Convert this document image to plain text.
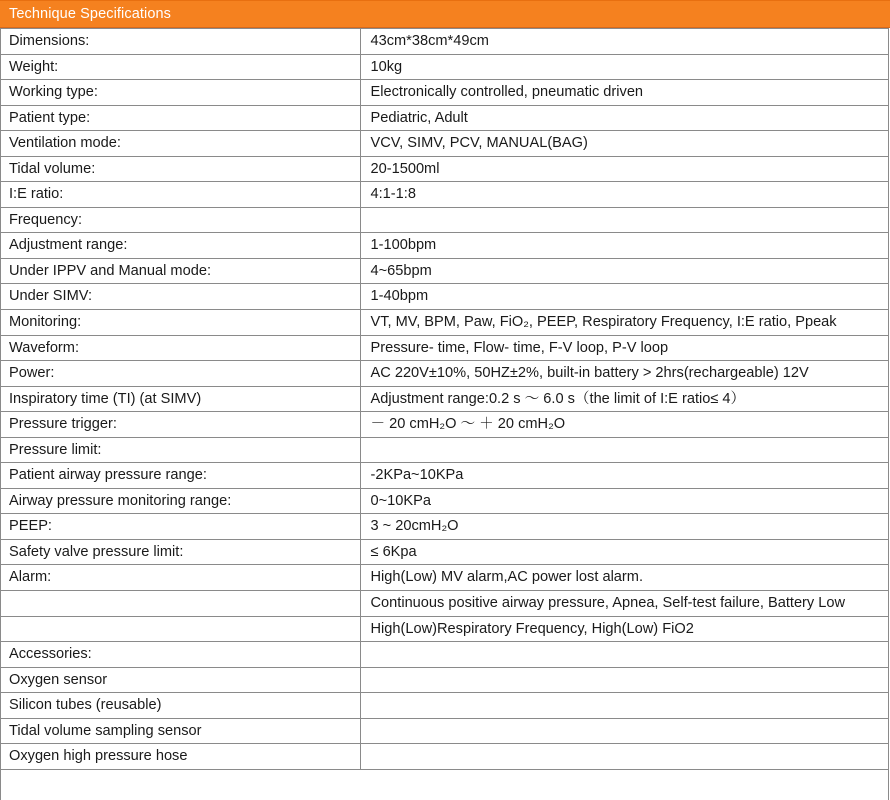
Technique Specifications
Dimensions:	43cm*38cm*49cm
Weight:	10kg
Working type:	Electronically controlled, pneumatic driven
Patient type:	Pediatric, Adult
Ventilation mode:	VCV, SIMV, PCV, MANUAL(BAG)
Tidal volume:	20-1500ml
I:E ratio:	4:1-1:8
Frequency:	
Adjustment range:	1-100bpm
Under IPPV and Manual mode:	4~65bpm
Under SIMV:	1-40bpm
Monitoring:	VT, MV, BPM, Paw, FiO₂, PEEP, Respiratory Frequency, I:E ratio, Ppeak
Waveform:	Pressure- time, Flow- time, F-V loop, P-V loop
Power:	AC 220V±10%, 50HZ±2%, built-in battery > 2hrs(rechargeable) 12V
Inspiratory time (TI) (at SIMV)	Adjustment range:0.2 s ～ 6.0 s（the limit of I:E ratio≤ 4）
Pressure trigger:	－ 20 cmH₂O ～ ＋ 20 cmH₂O
Pressure limit:	
Patient airway pressure range:	-2KPa~10KPa
Airway pressure monitoring range:	0~10KPa
PEEP:	3 ~ 20cmH₂O
Safety valve pressure limit:	≤ 6Kpa
Alarm:	High(Low) MV alarm,AC power lost alarm.
	Continuous positive airway pressure, Apnea, Self-test failure, Battery Low
	High(Low)Respiratory Frequency, High(Low) FiO2
Accessories:	
Oxygen sensor	
Silicon tubes (reusable)	
Tidal volume sampling sensor	
Oxygen high pressure hose	
